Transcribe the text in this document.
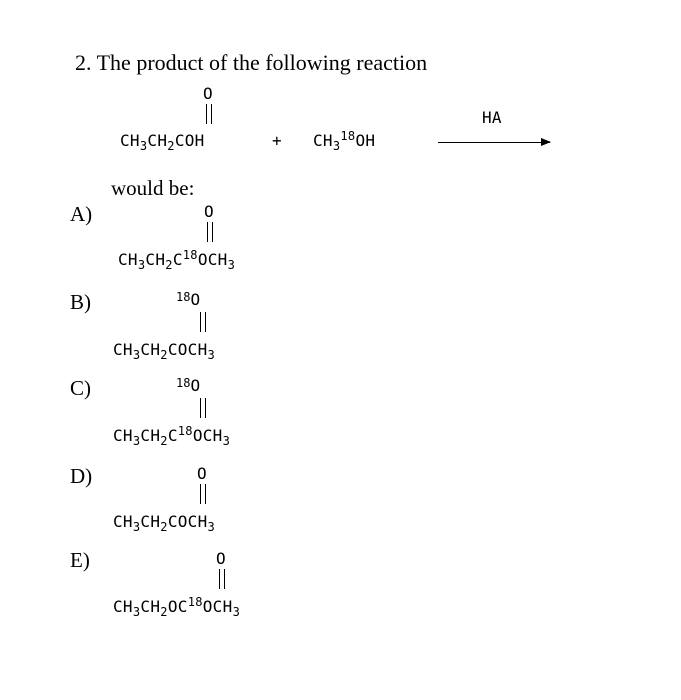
2. The product of the following reaction
O
$CH_3CH_2COH$	+ $CH_3^{18}OH$
HA
would be:
A)	O
$CH_3CH_2C^{18}OCH_3$
B)	$^{18}$O
$CH_3CH_2COCH_3$
C)	$^{18}$O
$CH_3CH_2C^{18}OCH_3$
D)	O
$CH_3CH_2COCH_3$
E)	O
$CH_3CH_2OC^{18}OCH_3$
